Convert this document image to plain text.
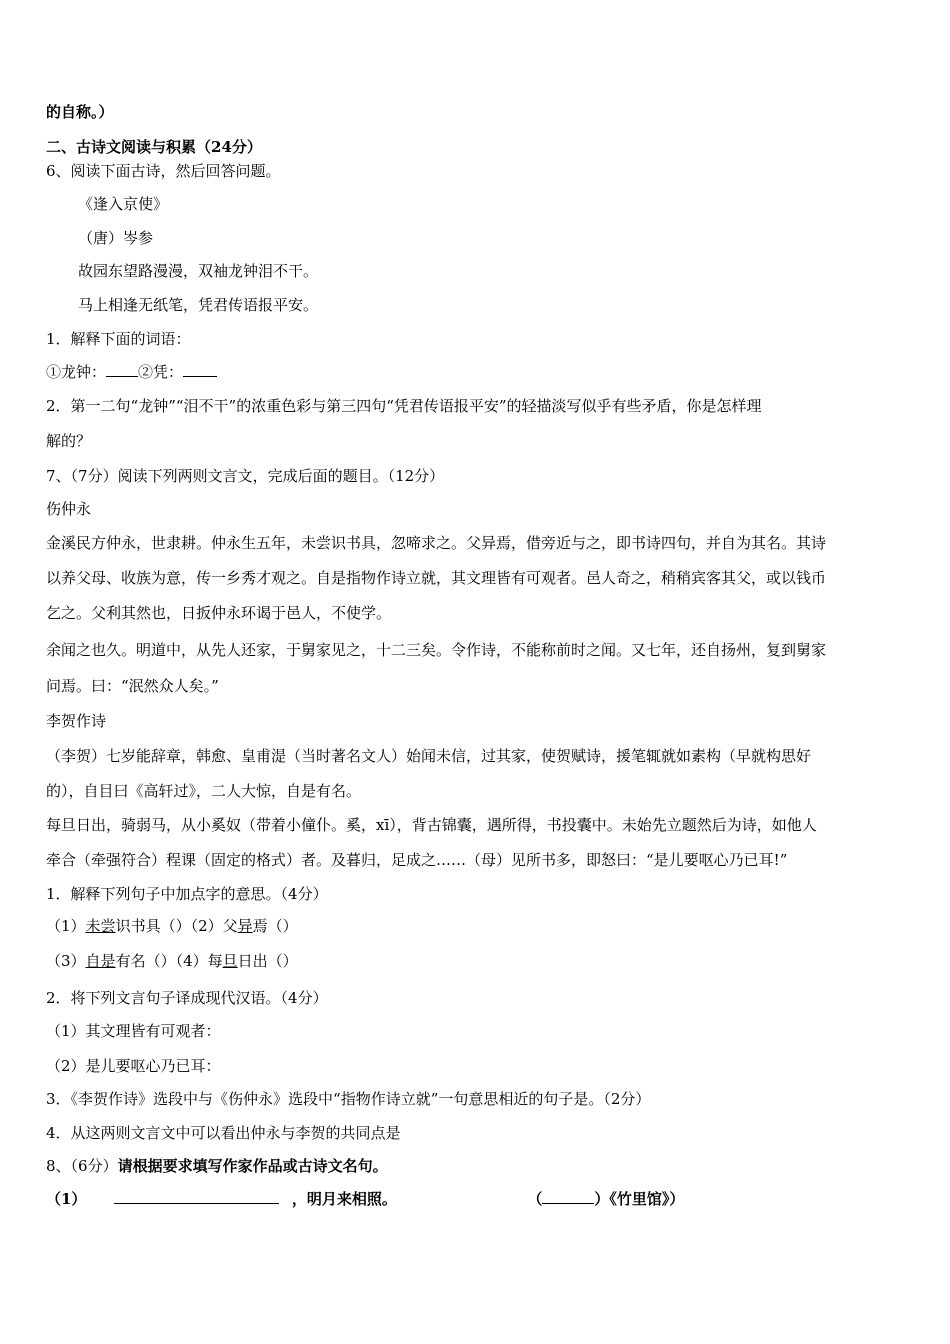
的自称。）
二、古诗文阅读与积累（24分）
6、阅读下面古诗，然后回答问题。
《逢入京使》
（唐）岑参
故园东望路漫漫，双袖龙钟泪不干。
马上相逢无纸笔，凭君传语报平安。
1．解释下面的词语：
①龙钟： ②凭：
2．第一二句“龙钟”“泪不干”的浓重色彩与第三四句“凭君传语报平安”的轻描淡写似乎有些矛盾，你是怎样理
解的？
7、（7分）阅读下列两则文言文，完成后面的题目。（12分）
伤仲永
金溪民方仲永，世隶耕。仲永生五年，未尝识书具，忽啼求之。父异焉，借旁近与之，即书诗四句，并自为其名。其诗
以养父母、收族为意，传一乡秀才观之。自是指物作诗立就，其文理皆有可观者。邑人奇之，稍稍宾客其父，或以钱币
乞之。父利其然也，日扳仲永环谒于邑人，不使学。
余闻之也久。明道中，从先人还家，于舅家见之，十二三矣。令作诗，不能称前时之闻。又七年，还自扬州，复到舅家
问焉。曰：“泯然众人矣。”
李贺作诗
（李贺）七岁能辞章，韩愈、皇甫湜（当时著名文人）始闻未信，过其家，使贺赋诗，援笔辄就如素构（早就构思好
的），自目曰《高轩过》，二人大惊，自是有名。
每旦日出，骑弱马，从小奚奴（带着小僮仆。奚，xī），背古锦囊，遇所得，书投囊中。未始先立题然后为诗，如他人
牵合（牵强符合）程课（固定的格式）者。及暮归，足成之……（母）见所书多，即怒曰：“是儿要呕心乃已耳!”
1．解释下列句子中加点字的意思。（4分）
（1）未尝识书具（）（2）父异焉（）
（3）自是有名（）（4）每旦日出（）
2．将下列文言句子译成现代汉语。（4分）
（1）其文理皆有可观者：
（2）是儿要呕心乃已耳：
3．《李贺作诗》选段中与《伤仲永》选段中“指物作诗立就”一句意思相近的句子是。（2分）
4．从这两则文言文中可以看出仲永与李贺的共同点是
8、（6分）请根据要求填写作家作品或古诗文名句。
（1）	，明月来相照。	（	）《竹里馆》）
